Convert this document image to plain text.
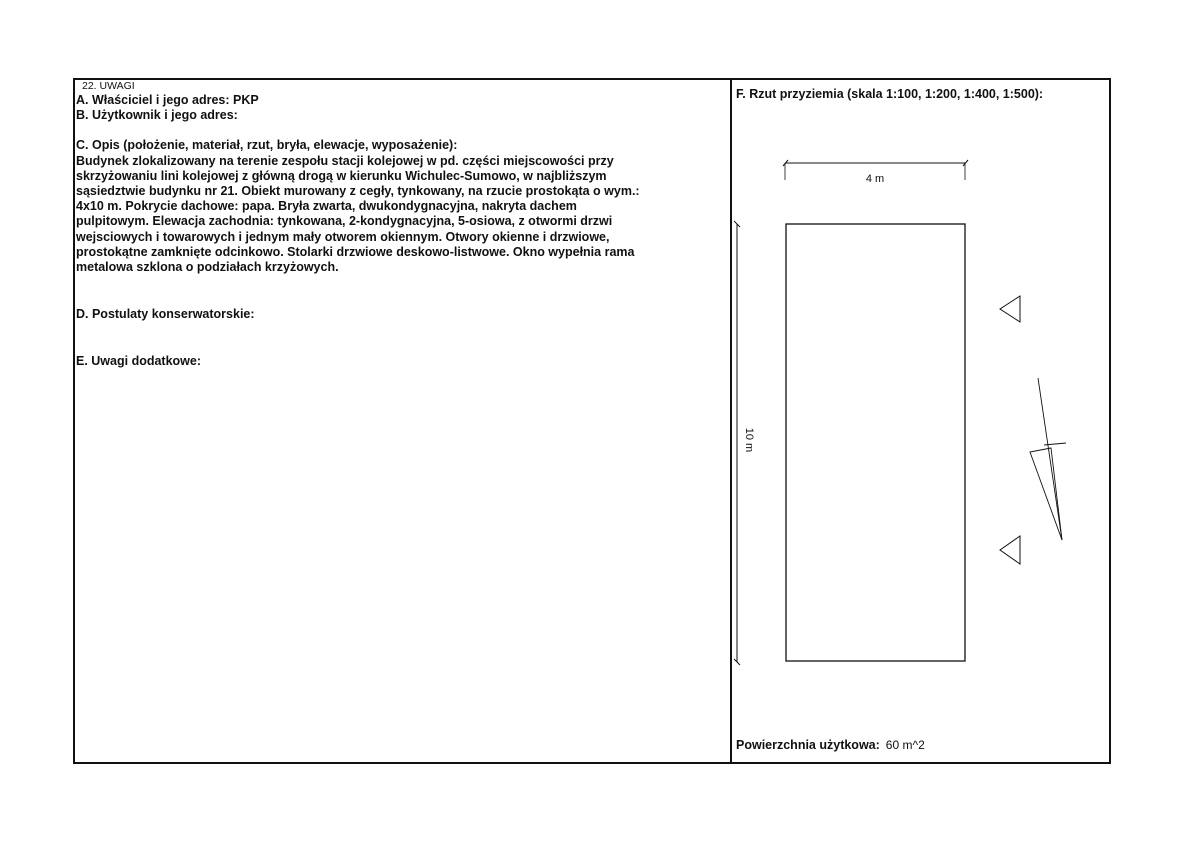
22. UWAGI
A. Właściciel i jego adres: PKP
B. Użytkownik i jego adres:
C. Opis (położenie, materiał, rzut, bryła, elewacje, wyposażenie):
Budynek zlokalizowany na terenie zespołu stacji kolejowej w pd. części miejscowości przy
skrzyżowaniu lini kolejowej z główną drogą w kierunku Wichulec-Sumowo, w najbliższym
sąsiedztwie budynku nr 21. Obiekt murowany z cegły, tynkowany, na rzucie prostokąta o wym.:
4x10 m. Pokrycie dachowe: papa. Bryła zwarta, dwukondygnacyjna, nakryta dachem
pulpitowym. Elewacja zachodnia: tynkowana, 2-kondygnacyjna, 5-osiowa, z otwormi drzwi
wejsciowych i towarowych i jednym mały otworem okiennym. Otwory okienne i drzwiowe,
prostokątne zamknięte odcinkowo. Stolarki drzwiowe deskowo-listwowe. Okno wypełnia rama
metalowa szklona o podziałach krzyżowych.
D. Postulaty konserwatorskie:
E. Uwagi dodatkowe:
F. Rzut przyziemia (skala 1:100, 1:200, 1:400, 1:500):
4 m
10 m
Powierzchnia użytkowa: 60 m^2
